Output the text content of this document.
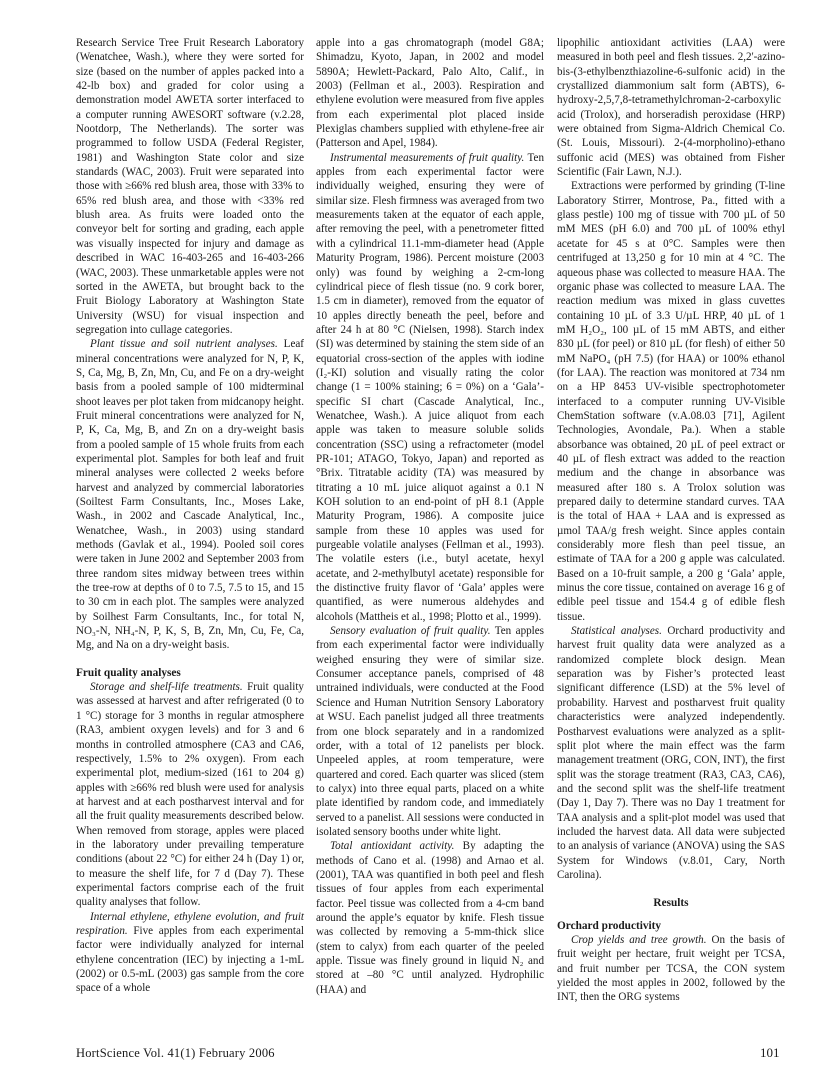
Research Service Tree Fruit Research Laboratory (Wenatchee, Wash.), where they were sorted for size (based on the number of apples packed into a 42-lb box) and graded for color using a demonstration model AWETA sorter interfaced to a computer running AWESORT software (v.2.28, Nootdorp, The Netherlands). The sorter was programmed to follow USDA (Federal Register, 1981) and Washington State color and size standards (WAC, 2003). Fruit were separated into those with ≥66% red blush area, those with 33% to 65% red blush area, and those with <33% red blush area. As fruits were loaded onto the conveyor belt for sorting and grading, each apple was visually inspected for injury and damage as described in WAC 16-403-265 and 16-403-266 (WAC, 2003). These unmarketable apples were not sorted in the AWETA, but brought back to the Fruit Biology Laboratory at Washington State University (WSU) for visual inspection and segregation into cullage categories.

Plant tissue and soil nutrient analyses. Leaf mineral concentrations were analyzed for N, P, K, S, Ca, Mg, B, Zn, Mn, Cu, and Fe on a dry-weight basis from a pooled sample of 100 midterminal shoot leaves per plot taken from midcanopy height. Fruit mineral concentrations were analyzed for N, P, K, Ca, Mg, B, and Zn on a dry-weight basis from a pooled sample of 15 whole fruits from each experimental plot. Samples for both leaf and fruit mineral analyses were collected 2 weeks before harvest and analyzed by commercial laboratories (Soiltest Farm Consultants, Inc., Moses Lake, Wash., in 2002 and Cascade Analytical, Inc., Wenatchee, Wash., in 2003) using standard methods (Gavlak et al., 1994). Pooled soil cores were taken in June 2002 and September 2003 from three random sites midway between trees within the tree-row at depths of 0 to 7.5, 7.5 to 15, and 15 to 30 cm in each plot. The samples were analyzed by Soilhest Farm Consultants, Inc., for total N, NO₃-N, NH₄-N, P, K, S, B, Zn, Mn, Cu, Fe, Ca, Mg, and Na on a dry-weight basis.

Fruit quality analyses

Storage and shelf-life treatments. Fruit quality was assessed at harvest and after refrigerated (0 to 1 °C) storage for 3 months in regular atmosphere (RA3, ambient oxygen levels) and for 3 and 6 months in controlled atmosphere (CA3 and CA6, respectively, 1.5% to 2% oxygen). From each experimental plot, medium-sized (161 to 204 g) apples with ≥66% red blush were used for analysis at harvest and at each postharvest interval and for all the fruit quality measurements described below. When removed from storage, apples were placed in the laboratory under prevailing temperature conditions (about 22 °C) for either 24 h (Day 1) or, to measure the shelf life, for 7 d (Day 7). These experimental factors comprise each of the fruit quality analyses that follow.

Internal ethylene, ethylene evolution, and fruit respiration. Five apples from each experimental factor were individually analyzed for internal ethylene concentration (IEC) by injecting a 1-mL (2002) or 0.5-mL (2003) gas sample from the core space of a whole

apple into a gas chromatograph (model G8A; Shimadzu, Kyoto, Japan, in 2002 and model 5890A; Hewlett-Packard, Palo Alto, Calif., in 2003) (Fellman et al., 2003). Respiration and ethylene evolution were measured from five apples from each experimental plot placed inside Plexiglas chambers supplied with ethylene-free air (Patterson and Apel, 1984).

Instrumental measurements of fruit quality. Ten apples from each experimental factor were individually weighed, ensuring they were of similar size. Flesh firmness was averaged from two measurements taken at the equator of each apple, after removing the peel, with a penetrometer fitted with a cylindrical 11.1-mm-diameter head (Apple Maturity Program, 1986). Percent moisture (2003 only) was found by weighing a 2-cm-long cylindrical piece of flesh tissue (no. 9 cork borer, 1.5 cm in diameter), removed from the equator of 10 apples directly beneath the peel, before and after 24 h at 80 °C (Nielsen, 1998). Starch index (SI) was determined by staining the stem side of an equatorial cross-section of the apples with iodine (I₂-KI) solution and visually rating the color change (1 = 100% staining; 6 = 0%) on a ‘Gala’-specific SI chart (Cascade Analytical, Inc., Wenatchee, Wash.). A juice aliquot from each apple was taken to measure soluble solids concentration (SSC) using a refractometer (model PR-101; ATAGO, Tokyo, Japan) and reported as °Brix. Titratable acidity (TA) was measured by titrating a 10 mL juice aliquot against a 0.1 N KOH solution to an end-point of pH 8.1 (Apple Maturity Program, 1986). A composite juice sample from these 10 apples was used for purgeable volatile analyses (Fellman et al., 1993). The volatile esters (i.e., butyl acetate, hexyl acetate, and 2-methylbutyl acetate) responsible for the distinctive fruity flavor of ‘Gala’ apples were quantified, as were numerous aldehydes and alcohols (Mattheis et al., 1998; Plotto et al., 1999).

Sensory evaluation of fruit quality. Ten apples from each experimental factor were individually weighed ensuring they were of similar size. Consumer acceptance panels, comprised of 48 untrained individuals, were conducted at the Food Science and Human Nutrition Sensory Laboratory at WSU. Each panelist judged all three treatments from one block separately and in a randomized order, with a total of 12 panelists per block. Unpeeled apples, at room temperature, were quartered and cored. Each quarter was sliced (stem to calyx) into three equal parts, placed on a white plate identified by random code, and immediately served to a panelist. All sessions were conducted in isolated sensory booths under white light.

Total antioxidant activity. By adapting the methods of Cano et al. (1998) and Arnao et al. (2001), TAA was quantified in both peel and flesh tissues of four apples from each experimental factor. Peel tissue was collected from a 4-cm band around the apple’s equator by knife. Flesh tissue was collected by removing a 5-mm-thick slice (stem to calyx) from each quarter of the peeled apple. Tissue was finely ground in liquid N₂ and stored at –80 °C until analyzed. Hydrophilic (HAA) and

lipophilic antioxidant activities (LAA) were measured in both peel and flesh tissues. 2,2'-azino-bis-(3-ethylbenzthiazoline-6-sulfonic acid) in the crystallized diammonium salt form (ABTS), 6-hydroxy-2,5,7,8-tetramethylchroman-2-carboxylic acid (Trolox), and horseradish peroxidase (HRP) were obtained from Sigma-Aldrich Chemical Co. (St. Louis, Missouri). 2-(4-morpholino)-ethano suffonic acid (MES) was obtained from Fisher Scientific (Fair Lawn, N.J.).

Extractions were performed by grinding (T-line Laboratory Stirrer, Montrose, Pa., fitted with a glass pestle) 100 mg of tissue with 700 µL of 50 mM MES (pH 6.0) and 700 µL of 100% ethyl acetate for 45 s at 0°C. Samples were then centrifuged at 13,250 g for 10 min at 4 °C. The aqueous phase was collected to measure HAA. The organic phase was collected to measure LAA. The reaction medium was mixed in glass cuvettes containing 10 µL of 3.3 U/µL HRP, 40 µL of 1 mM H₂O₂, 100 µL of 15 mM ABTS, and either 830 µL (for peel) or 810 µL (for flesh) of either 50 mM NaPO₄ (pH 7.5) (for HAA) or 100% ethanol (for LAA). The reaction was monitored at 734 nm on a HP 8453 UV-visible spectrophotometer interfaced to a computer running UV-Visible ChemStation software (v.A.08.03 [71], Agilent Technologies, Avondale, Pa.). When a stable absorbance was obtained, 20 µL of peel extract or 40 µL of flesh extract was added to the reaction medium and the change in absorbance was measured after 180 s. A Trolox solution was prepared daily to determine standard curves. TAA is the total of HAA + LAA and is expressed as µmol TAA/g fresh weight. Since apples contain considerably more flesh than peel tissue, an estimate of TAA for a 200 g apple was calculated. Based on a 10-fruit sample, a 200 g ‘Gala’ apple, minus the core tissue, contained on average 16 g of edible peel tissue and 154.4 g of edible flesh tissue.

Statistical analyses. Orchard productivity and harvest fruit quality data were analyzed as a randomized complete block design. Mean separation was by Fisher’s protected least significant difference (LSD) at the 5% level of probability. Harvest and postharvest fruit quality characteristics were analyzed independently. Postharvest evaluations were analyzed as a split-split plot where the main effect was the farm management treatment (ORG, CON, INT), the first split was the storage treatment (RA3, CA3, CA6), and the second split was the shelf-life treatment (Day 1, Day 7). There was no Day 1 treatment for TAA analysis and a split-plot model was used that included the harvest data. All data were subjected to an analysis of variance (ANOVA) using the SAS System for Windows (v.8.01, Cary, North Carolina).

Results
Orchard productivity

Crop yields and tree growth. On the basis of fruit weight per hectare, fruit weight per TCSA, and fruit number per TCSA, the CON system yielded the most apples in 2002, followed by the INT, then the ORG systems

HortScience Vol. 41(1) February 2006	101
